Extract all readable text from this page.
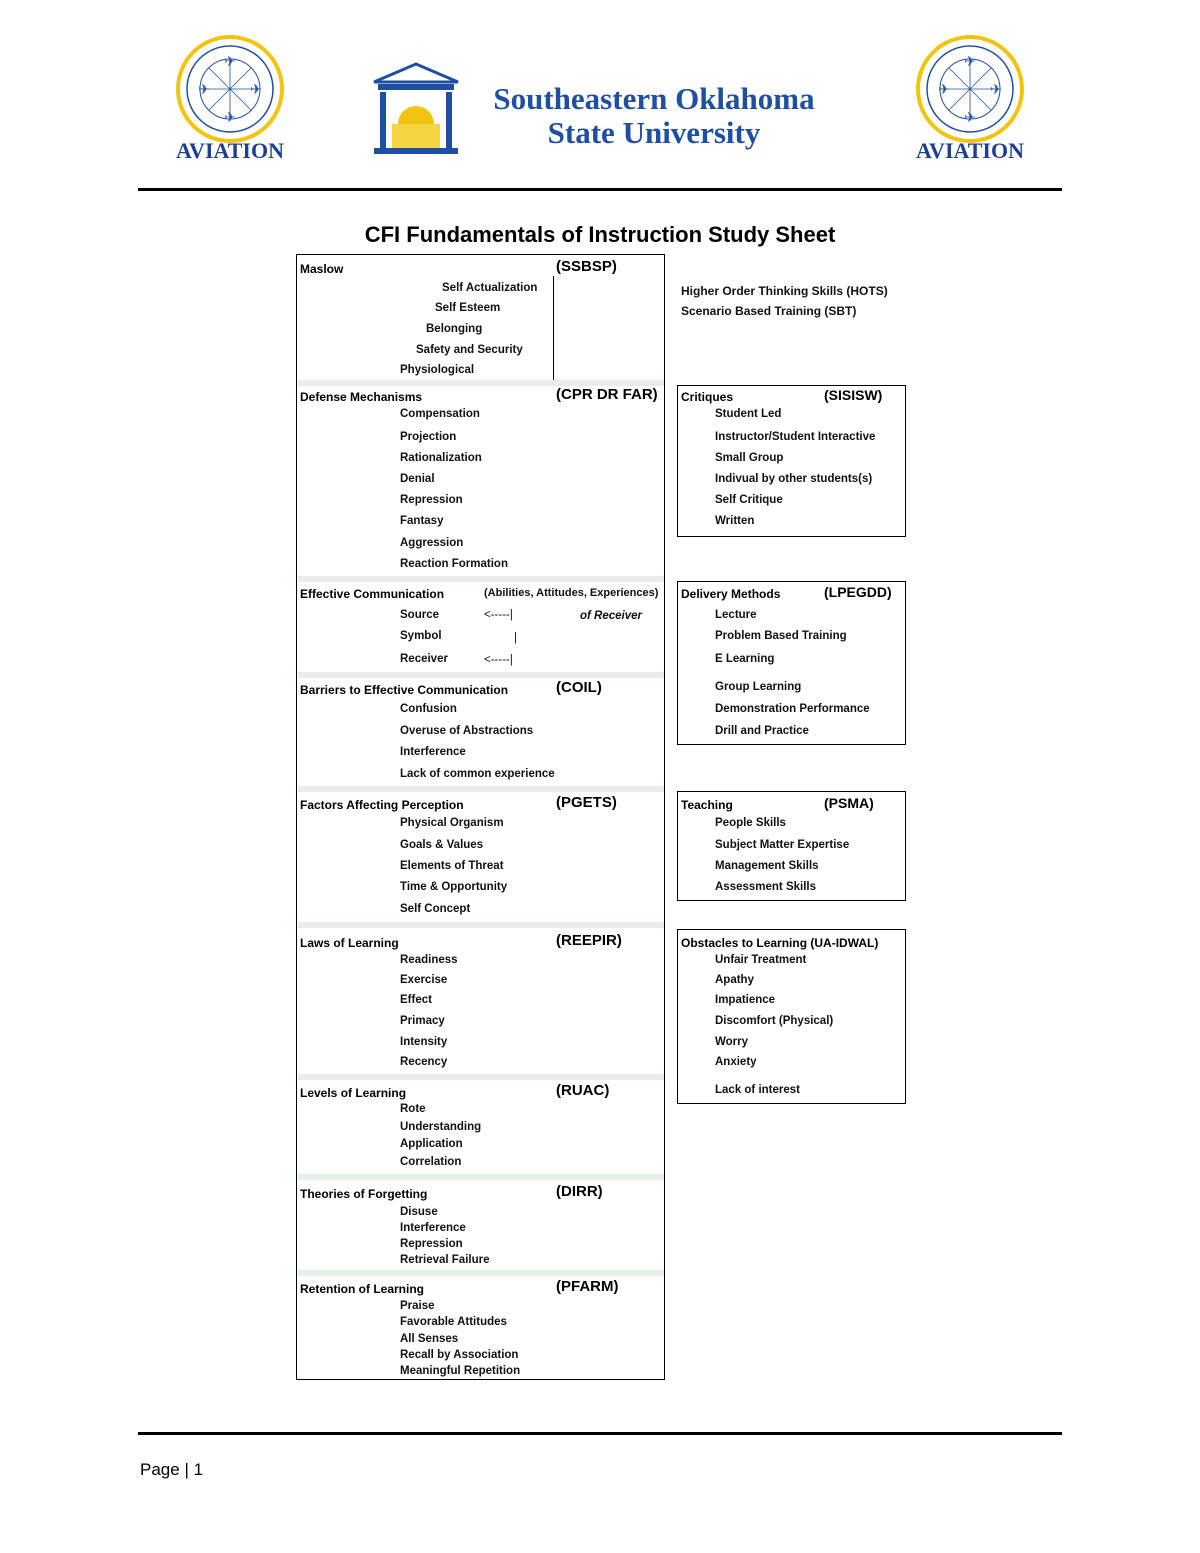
✈
✈
✈	✈
AVIATION
Southeastern Oklahoma
State University
✈
✈
✈	✈
AVIATION
CFI Fundamentals of Instruction Study Sheet
Maslow	(SSBSP)
Self Actualization
Self Esteem
Belonging
Safety and Security
Physiological
Defense Mechanisms	(CPR DR FAR)
Compensation
Projection
Rationalization
Denial
Repression
Fantasy
Aggression
Reaction Formation
Effective Communication	(Abilities, Attitudes, Experiences)
Source	<-----|	of Receiver
Symbol	|
Receiver	<-----|
Barriers to Effective Communication	(COIL)
Confusion
Overuse of Abstractions
Interference
Lack of common experience
Factors Affecting Perception	(PGETS)
Physical Organism
Goals & Values
Elements of Threat
Time & Opportunity
Self Concept
Laws of Learning	(REEPIR)
Readiness
Exercise
Effect
Primacy
Intensity
Recency
Levels of Learning	(RUAC)
Rote
Understanding
Application
Correlation
Theories of Forgetting	(DIRR)
Disuse
Interference
Repression
Retrieval Failure
Retention of Learning	(PFARM)
Praise
Favorable Attitudes
All Senses
Recall by Association
Meaningful Repetition
Higher Order Thinking Skills (HOTS)
Scenario Based Training (SBT)
Critiques	(SISISW)
Student Led
Instructor/Student Interactive
Small Group
Indivual by other students(s)
Self Critique
Written
Delivery Methods	(LPEGDD)
Lecture
Problem Based Training
E Learning
Group Learning
Demonstration Performance
Drill and Practice
Teaching	(PSMA)
People Skills
Subject Matter Expertise
Management Skills
Assessment Skills
Obstacles to Learning (UA-IDWAL)
Unfair Treatment
Apathy
Impatience
Discomfort (Physical)
Worry
Anxiety
Lack of interest
Page | 1
